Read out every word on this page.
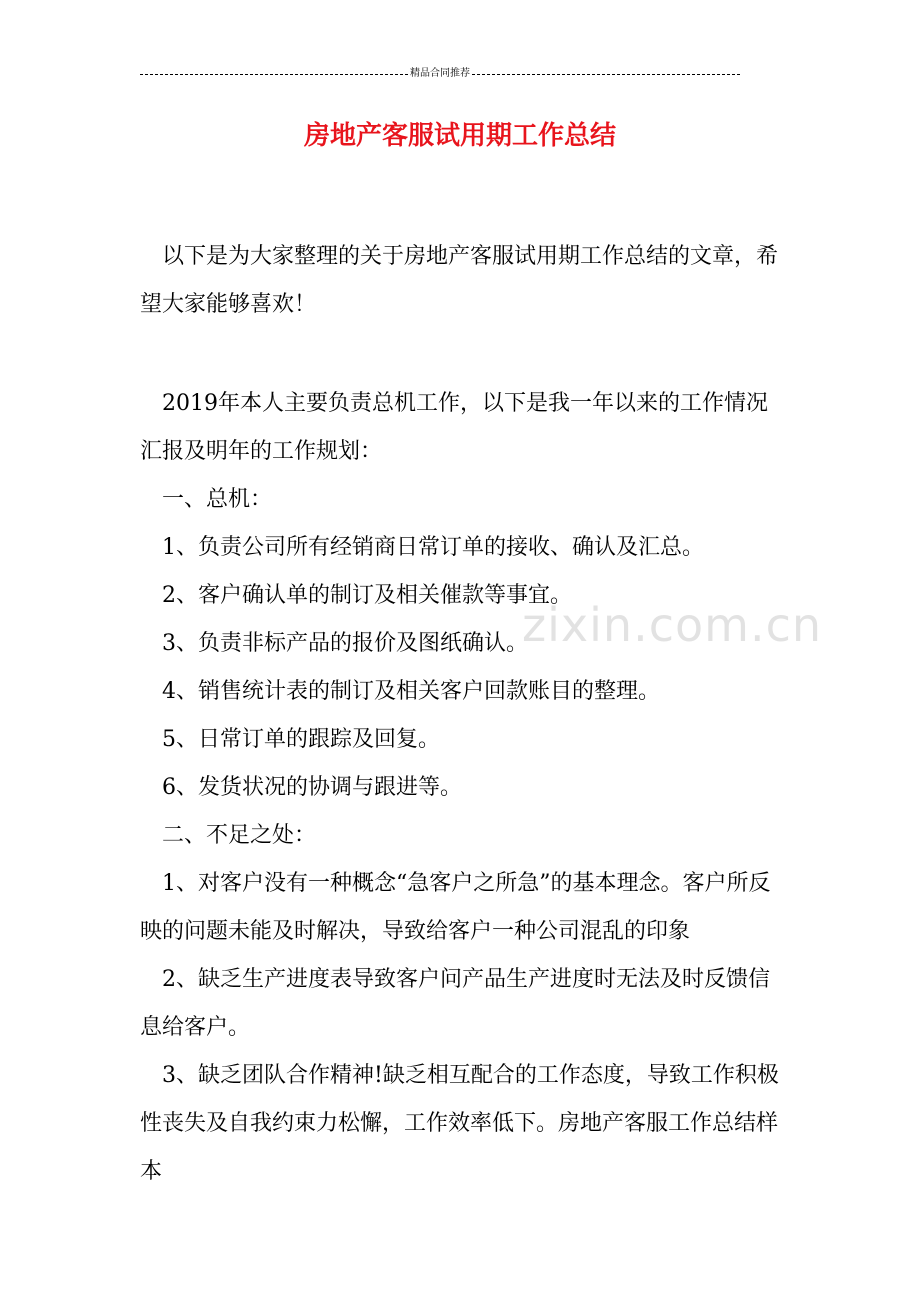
精品合同推荐
房地产客服试用期工作总结

以下是为大家整理的关于房地产客服试用期工作总结的文章，希望大家能够喜欢！

2019年本人主要负责总机工作，以下是我一年以来的工作情况汇报及明年的工作规划：

一、总机：

1、负责公司所有经销商日常订单的接收、确认及汇总。

2、客户确认单的制订及相关催款等事宜。

3、负责非标产品的报价及图纸确认。

4、销售统计表的制订及相关客户回款账目的整理。

5、日常订单的跟踪及回复。

6、发货状况的协调与跟进等。

二、不足之处：

1、对客户没有一种概念“急客户之所急”的基本理念。客户所反映的问题未能及时解决，导致给客户一种公司混乱的印象

2、缺乏生产进度表导致客户问产品生产进度时无法及时反馈信息给客户。

3、缺乏团队合作精神!缺乏相互配合的工作态度，导致工作积极性丧失及自我约束力松懈，工作效率低下。房地产客服工作总结样本

zixin.com.cn
